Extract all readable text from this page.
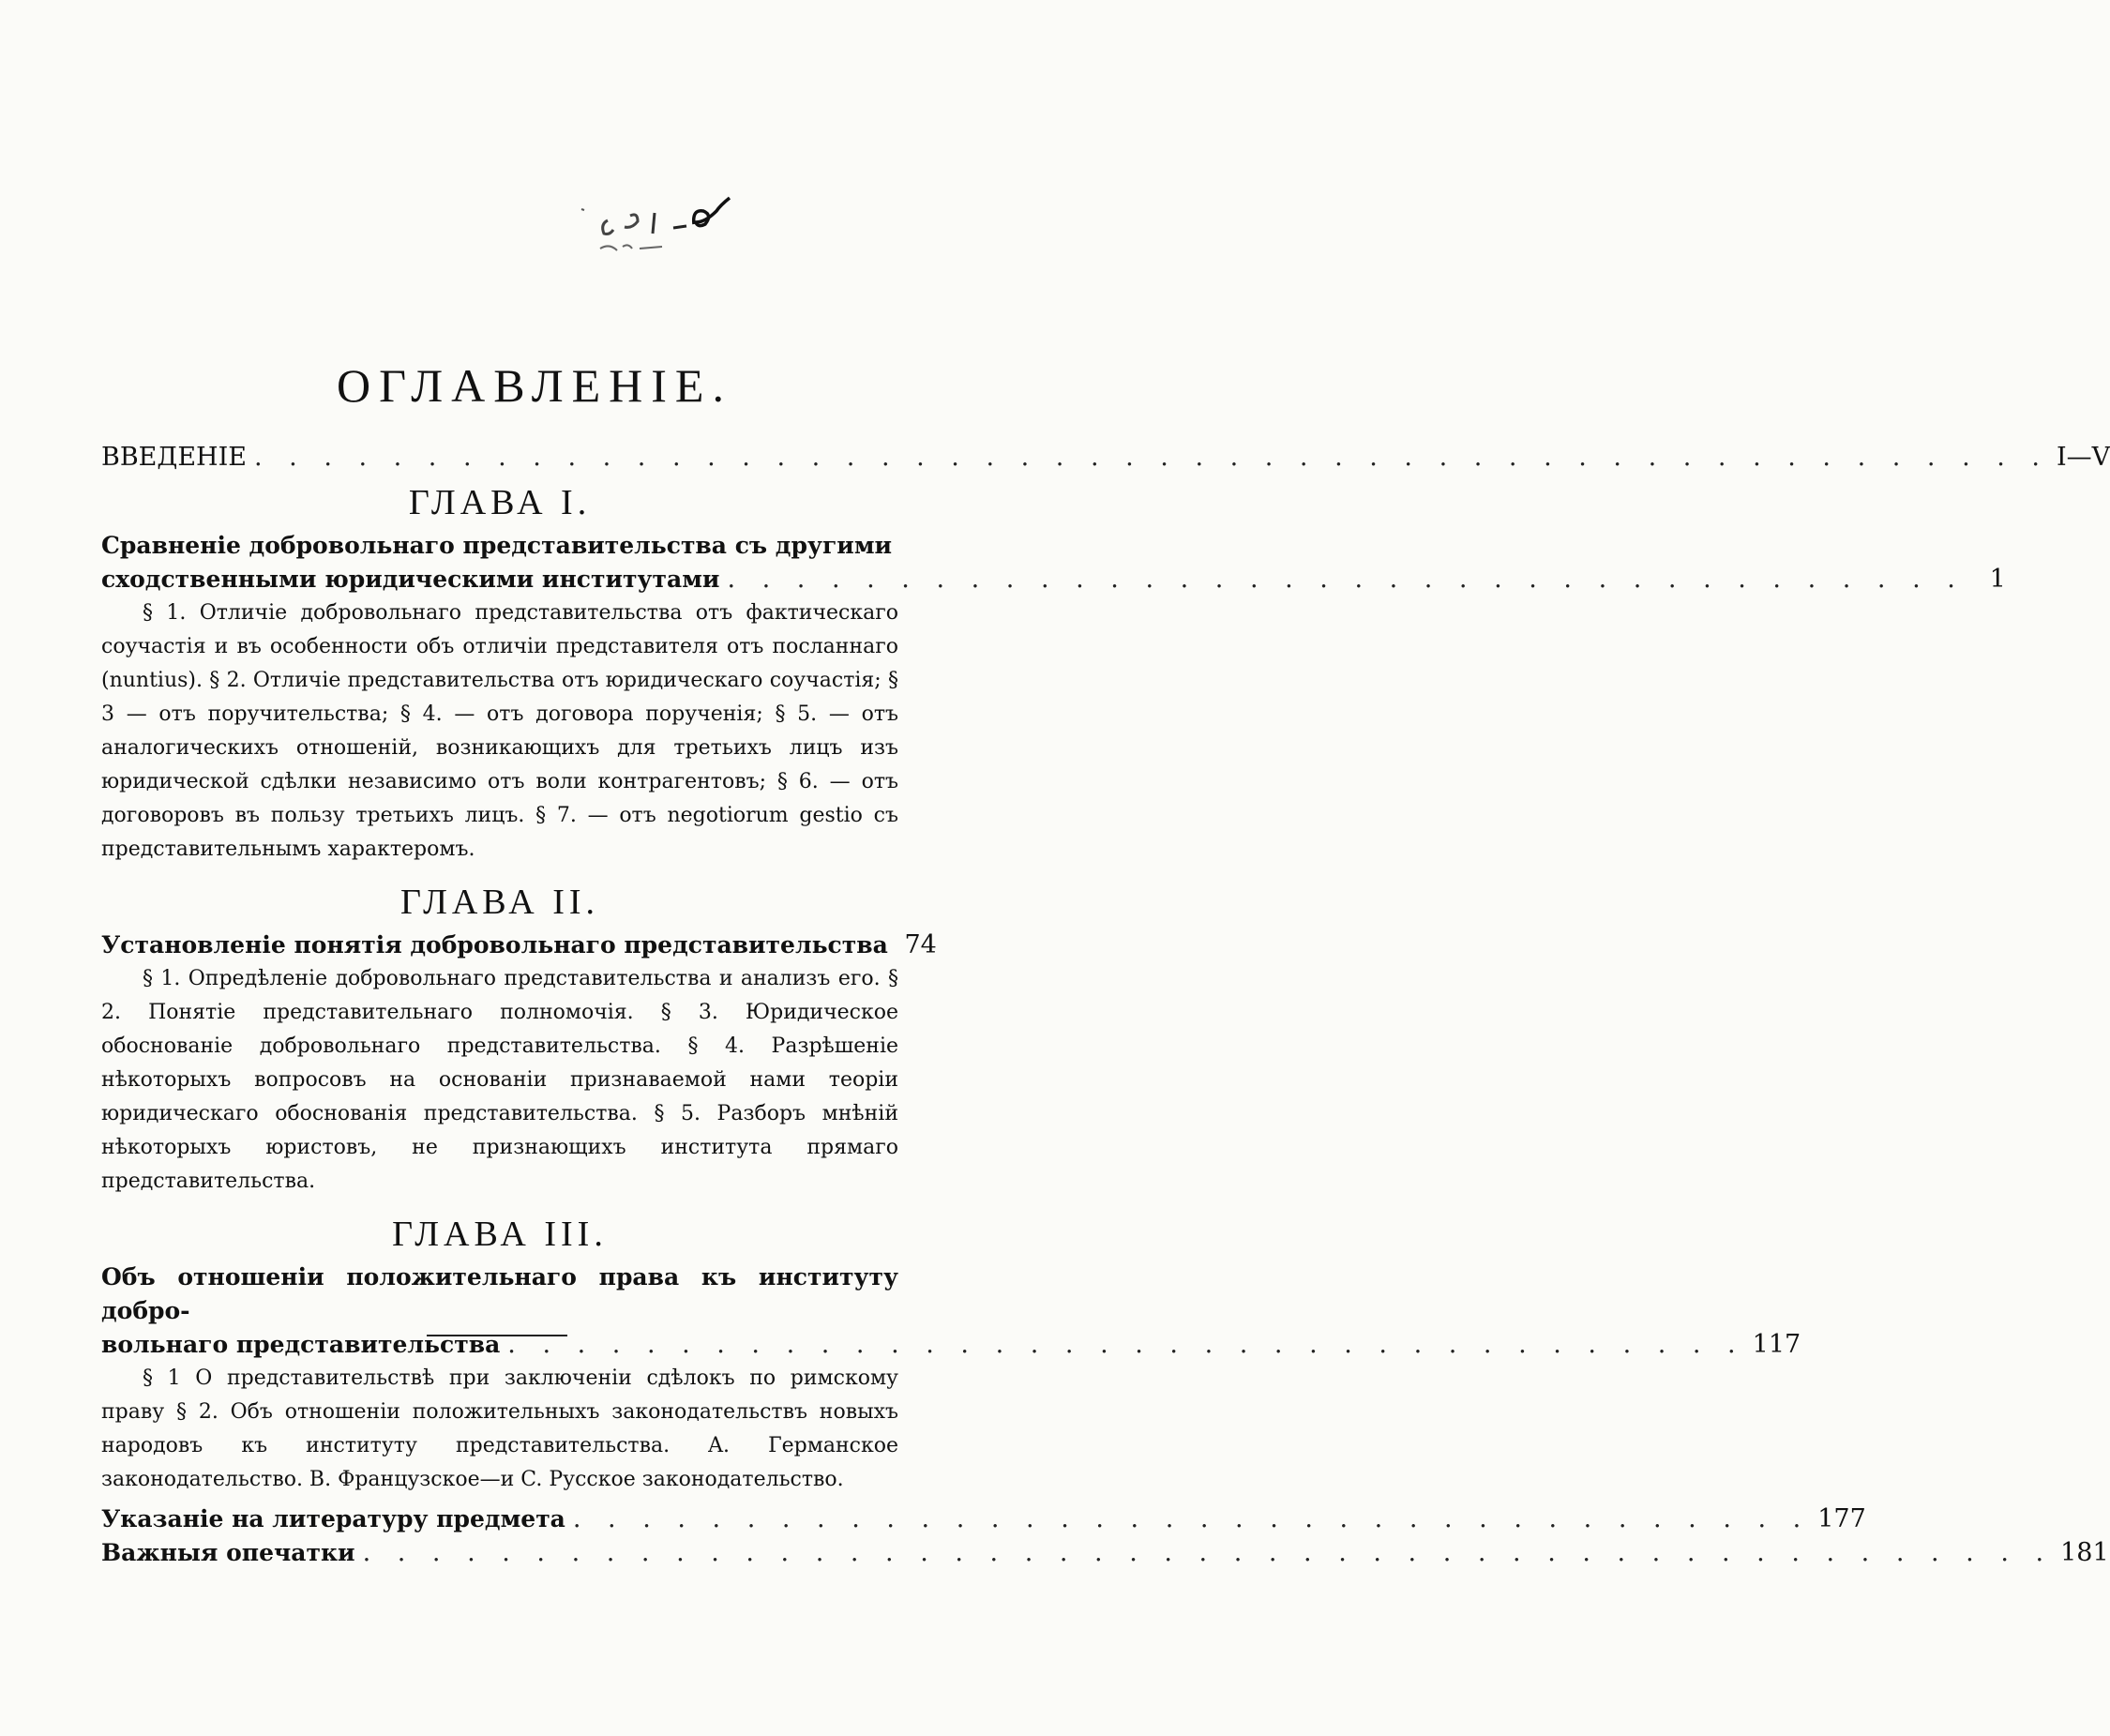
ОГЛАВЛЕНIЕ.
ВВЕДЕНIЕ . . . . . . . . . . . . . . . . . . . . . . . . . . . . . . . . . . . . . . . . . . . . . . . . . . . . I—V
ГЛАВА I.
Сравненіе добровольнаго представительства съ другими
сходственными юридическими институтами . . . . . . . . . . . . . . . . . . . . . . . . . . . . . . . . . . . . 1
§ 1. Отличіе добровольнаго представительства отъ фактическаго соучастія и въ особенности объ отличіи представителя отъ посланнаго (nuntius). § 2. Отличіе представительства отъ юридическаго соучастія; § 3 — отъ поручительства; § 4. — отъ договора порученія; § 5. — отъ аналогическихъ отношеній, возникающихъ для третьихъ лицъ изъ юридической сдѣлки независимо отъ воли контрагентовъ; § 6. — отъ договоровъ въ пользу третьихъ лицъ. § 7. — отъ negotiorum gestio съ представительнымъ характеромъ.
ГЛАВА II.
Установленіе понятія добровольнаго представительства 74
§ 1. Опредѣленіе добровольнаго представительства и анализъ его. § 2. Понятіе представительнаго полномочія. § 3. Юридическое обоснованіе добровольнаго представительства. § 4. Разрѣшеніе нѣкоторыхъ вопросовъ на основаніи признаваемой нами теоріи юридическаго обоснованія представительства. § 5. Разборъ мнѣній нѣкоторыхъ юристовъ, не признающихъ института прямаго представительства.
ГЛАВА III.
Объ отношеніи положительнаго права къ институту добро-
вольнаго представительства . . . . . . . . . . . . . . . . . . . . . . . . . . . . . . . . . . . . 117
§ 1 О представительствѣ при заключеніи сдѣлокъ по римскому праву § 2. Объ отношеніи положительныхъ законодательствъ новыхъ народовъ къ институту представительства. A. Германское законодательство. B. Французское—и C. Русское законодательство.
Указаніе на литературу предмета . . . . . . . . . . . . . . . . . . . . . . . . . . . . . . . . . . . . 177
Важныя опечатки . . . . . . . . . . . . . . . . . . . . . . . . . . . . . . . . . . . . . . . . . . . . . . . . . 181
